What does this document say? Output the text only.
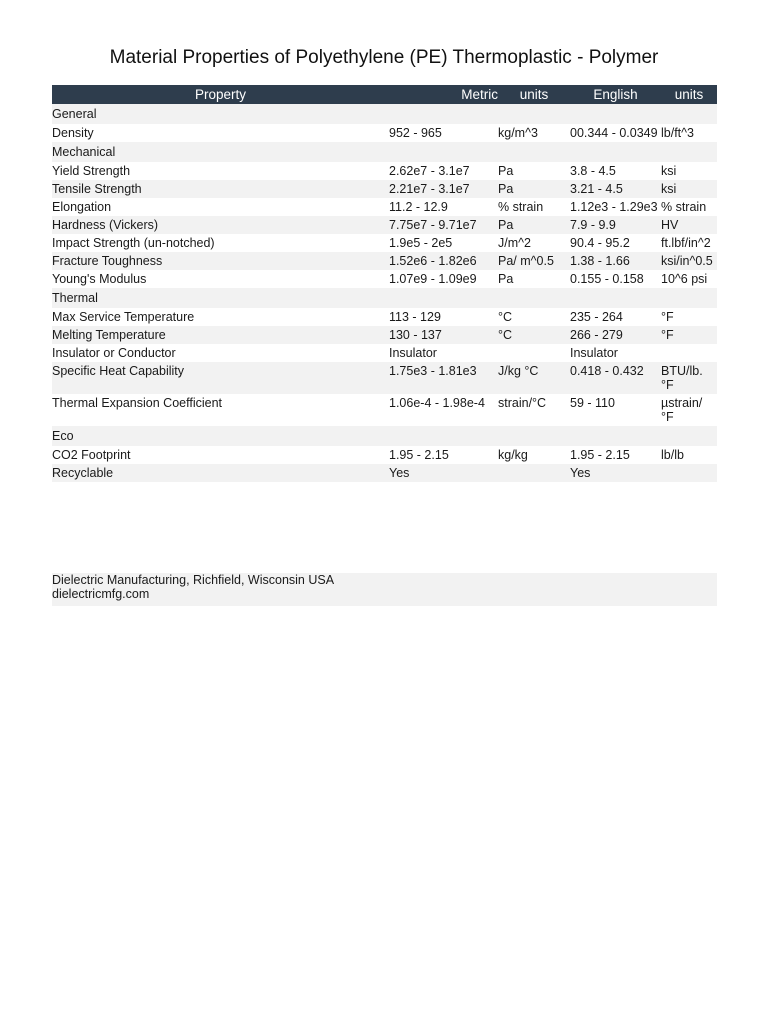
Material Properties of Polyethylene (PE) Thermoplastic - Polymer
Property	Metric	units	English	units
General				
Density	952 - 965	kg/m^3	00.344 - 0.0349	lb/ft^3
Mechanical				
Yield Strength	2.62e7 - 3.1e7	Pa	3.8 - 4.5	ksi
Tensile Strength	2.21e7 - 3.1e7	Pa	3.21 - 4.5	ksi
Elongation	11.2 - 12.9	% strain	1.12e3 - 1.29e3	% strain
Hardness (Vickers)	7.75e7 - 9.71e7	Pa	7.9 - 9.9	HV
Impact Strength (un-notched)	1.9e5 - 2e5	J/m^2	90.4 - 95.2	ft.lbf/in^2
Fracture Toughness	1.52e6 - 1.82e6	Pa/ m^0.5	1.38 - 1.66	ksi/in^0.5
Young's Modulus	1.07e9 - 1.09e9	Pa	0.155 - 0.158	10^6 psi
Thermal				
Max Service Temperature	113 - 129	°C	235 - 264	°F
Melting Temperature	130 - 137	°C	266 - 279	°F
Insulator or Conductor	Insulator		Insulator	
Specific Heat Capability	1.75e3 - 1.81e3	J/kg °C	0.418 - 0.432	BTU/lb. °F
Thermal Expansion Coefficient	1.06e-4 - 1.98e-4	strain/°C	59 - 110	µstrain/ °F
Eco				
CO2 Footprint	1.95 - 2.15	kg/kg	1.95 - 2.15	lb/lb
Recyclable	Yes		Yes	
Dielectric Manufacturing, Richfield, Wisconsin USA
dielectricmfg.com
